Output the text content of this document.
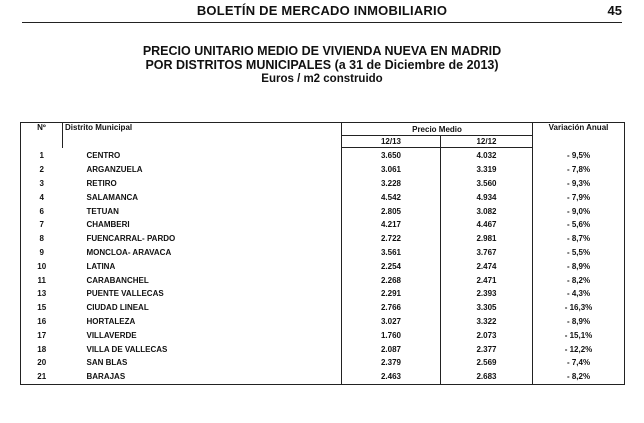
BOLETÍN DE MERCADO INMOBILIARIO	45
PRECIO UNITARIO MEDIO DE VIVIENDA NUEVA EN MADRID
POR DISTRITOS MUNICIPALES (a 31 de Diciembre de 2013)
Euros / m2 construido
Nº	Distrito Municipal	Precio Medio		Variación Anual
		12/13	12/12	
1	CENTRO	3.650	4.032	- 9,5%
2	ARGANZUELA	3.061	3.319	- 7,8%
3	RETIRO	3.228	3.560	- 9,3%
4	SALAMANCA	4.542	4.934	- 7,9%
6	TETUAN	2.805	3.082	- 9,0%
7	CHAMBERI	4.217	4.467	- 5,6%
8	FUENCARRAL- PARDO	2.722	2.981	- 8,7%
9	MONCLOA- ARAVACA	3.561	3.767	- 5,5%
10	LATINA	2.254	2.474	- 8,9%
11	CARABANCHEL	2.268	2.471	- 8,2%
13	PUENTE VALLECAS	2.291	2.393	- 4,3%
15	CIUDAD LINEAL	2.766	3.305	- 16,3%
16	HORTALEZA	3.027	3.322	- 8,9%
17	VILLAVERDE	1.760	2.073	- 15,1%
18	VILLA DE VALLECAS	2.087	2.377	- 12,2%
20	SAN BLAS	2.379	2.569	- 7,4%
21	BARAJAS	2.463	2.683	- 8,2%
